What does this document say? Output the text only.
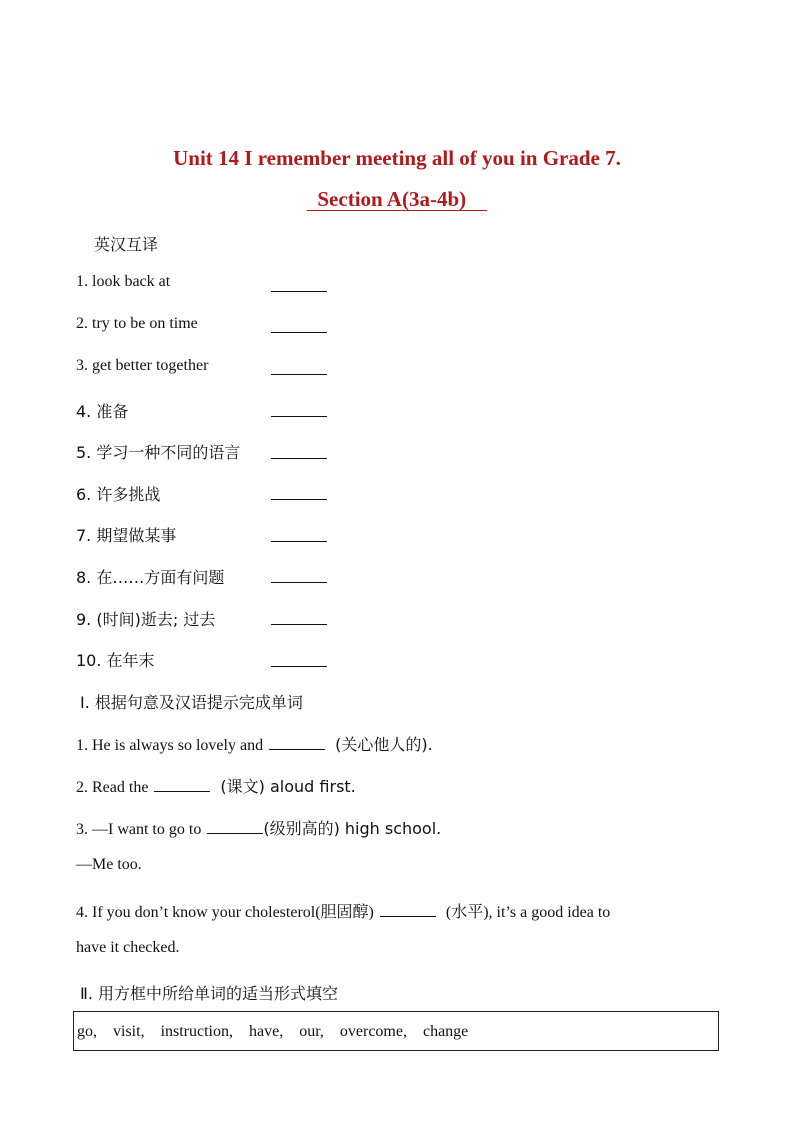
Unit 14 I remember meeting all of you in Grade 7.
Section A(3a-4b)
英汉互译
1. look back at
2. try to be on time
3. get better together
4. 准备
5. 学习一种不同的语言
6. 许多挑战
7. 期望做某事
8. 在……方面有问题
9. (时间)逝去; 过去
10. 在年末
Ⅰ. 根据句意及汉语提示完成单词
1. He is always so lovely and	(关心他人的).
2. Read the	(课文) aloud first.
3. —I want to go to	(级别高的) high school.
—Me too.
4. If you don’t know your cholesterol(胆固醇)	(水平), it’s a good idea to
have it checked.
Ⅱ. 用方框中所给单词的适当形式填空
go,    visit,    instruction,    have,    our,    overcome,    change
